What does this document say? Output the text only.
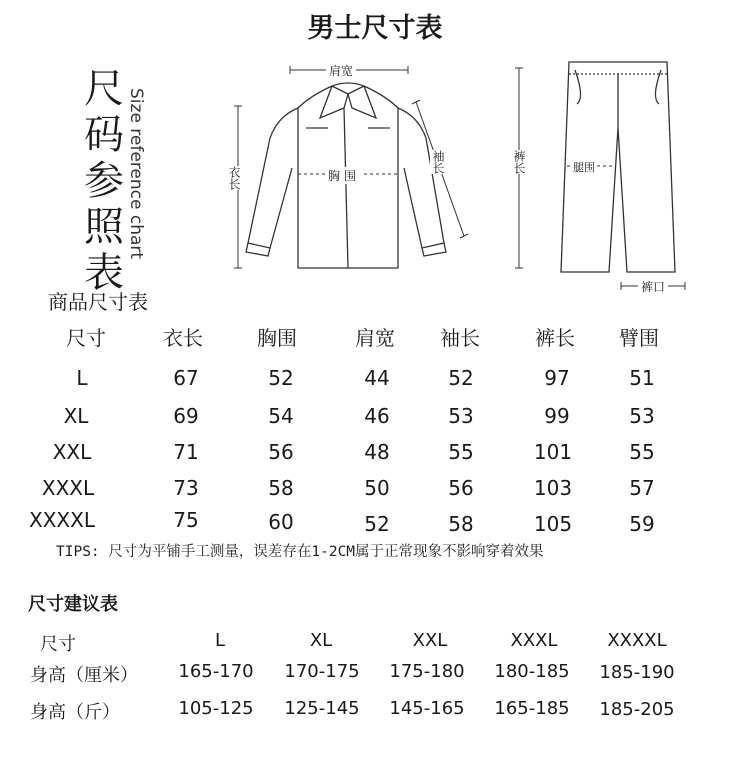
男士尺寸表
尺码参照表
Size reference chart
肩宽
衣长	胸围
袖长	裤长	腿围
裤口
商品尺寸表
尺寸	衣长	胸围	肩宽	袖长	裤长	臂围
L	67	52	44	52	97	51
XL	69	54	46	53	99	53
XXL	71	56	48	55	101	55
XXXL	73	58	50	56	103	57
XXXXL	75	60	52	58	105	59
TIPS: 尺寸为平铺手工测量，误差存在1-2CM属于正常现象不影响穿着效果
尺寸建议表
尺寸	L	XL	XXL	XXXL	XXXXL
身高（厘米）	165-170	170-175	175-180	180-185	185-190
身高（斤）	105-125	125-145	145-165	165-185	185-205
